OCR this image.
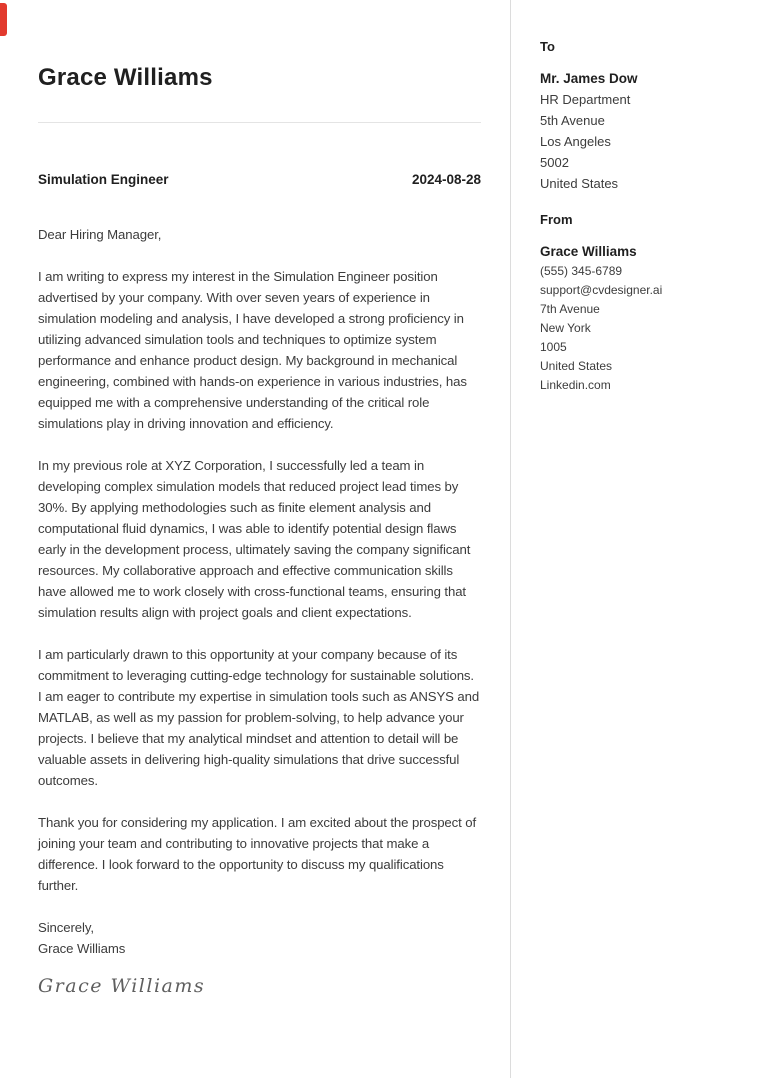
Grace Williams
Simulation Engineer	2024-08-28

Dear Hiring Manager,

I am writing to express my interest in the Simulation Engineer position advertised by your company. With over seven years of experience in simulation modeling and analysis, I have developed a strong proficiency in utilizing advanced simulation tools and techniques to optimize system performance and enhance product design. My background in mechanical engineering, combined with hands-on experience in various industries, has equipped me with a comprehensive understanding of the critical role simulations play in driving innovation and efficiency.

In my previous role at XYZ Corporation, I successfully led a team in developing complex simulation models that reduced project lead times by 30%. By applying methodologies such as finite element analysis and computational fluid dynamics, I was able to identify potential design flaws early in the development process, ultimately saving the company significant resources. My collaborative approach and effective communication skills have allowed me to work closely with cross-functional teams, ensuring that simulation results align with project goals and client expectations.

I am particularly drawn to this opportunity at your company because of its commitment to leveraging cutting-edge technology for sustainable solutions. I am eager to contribute my expertise in simulation tools such as ANSYS and MATLAB, as well as my passion for problem-solving, to help advance your projects. I believe that my analytical mindset and attention to detail will be valuable assets in delivering high-quality simulations that drive successful outcomes.

Thank you for considering my application. I am excited about the prospect of joining your team and contributing to innovative projects that make a difference. I look forward to the opportunity to discuss my qualifications further.

Sincerely,
Grace Williams
Grace Williams
To
Mr. James Dow
HR Department
5th Avenue
Los Angeles
5002
United States
From
Grace Williams
(555) 345-6789
support@cvdesigner.ai
7th Avenue
New York
1005
United States
Linkedin.com
